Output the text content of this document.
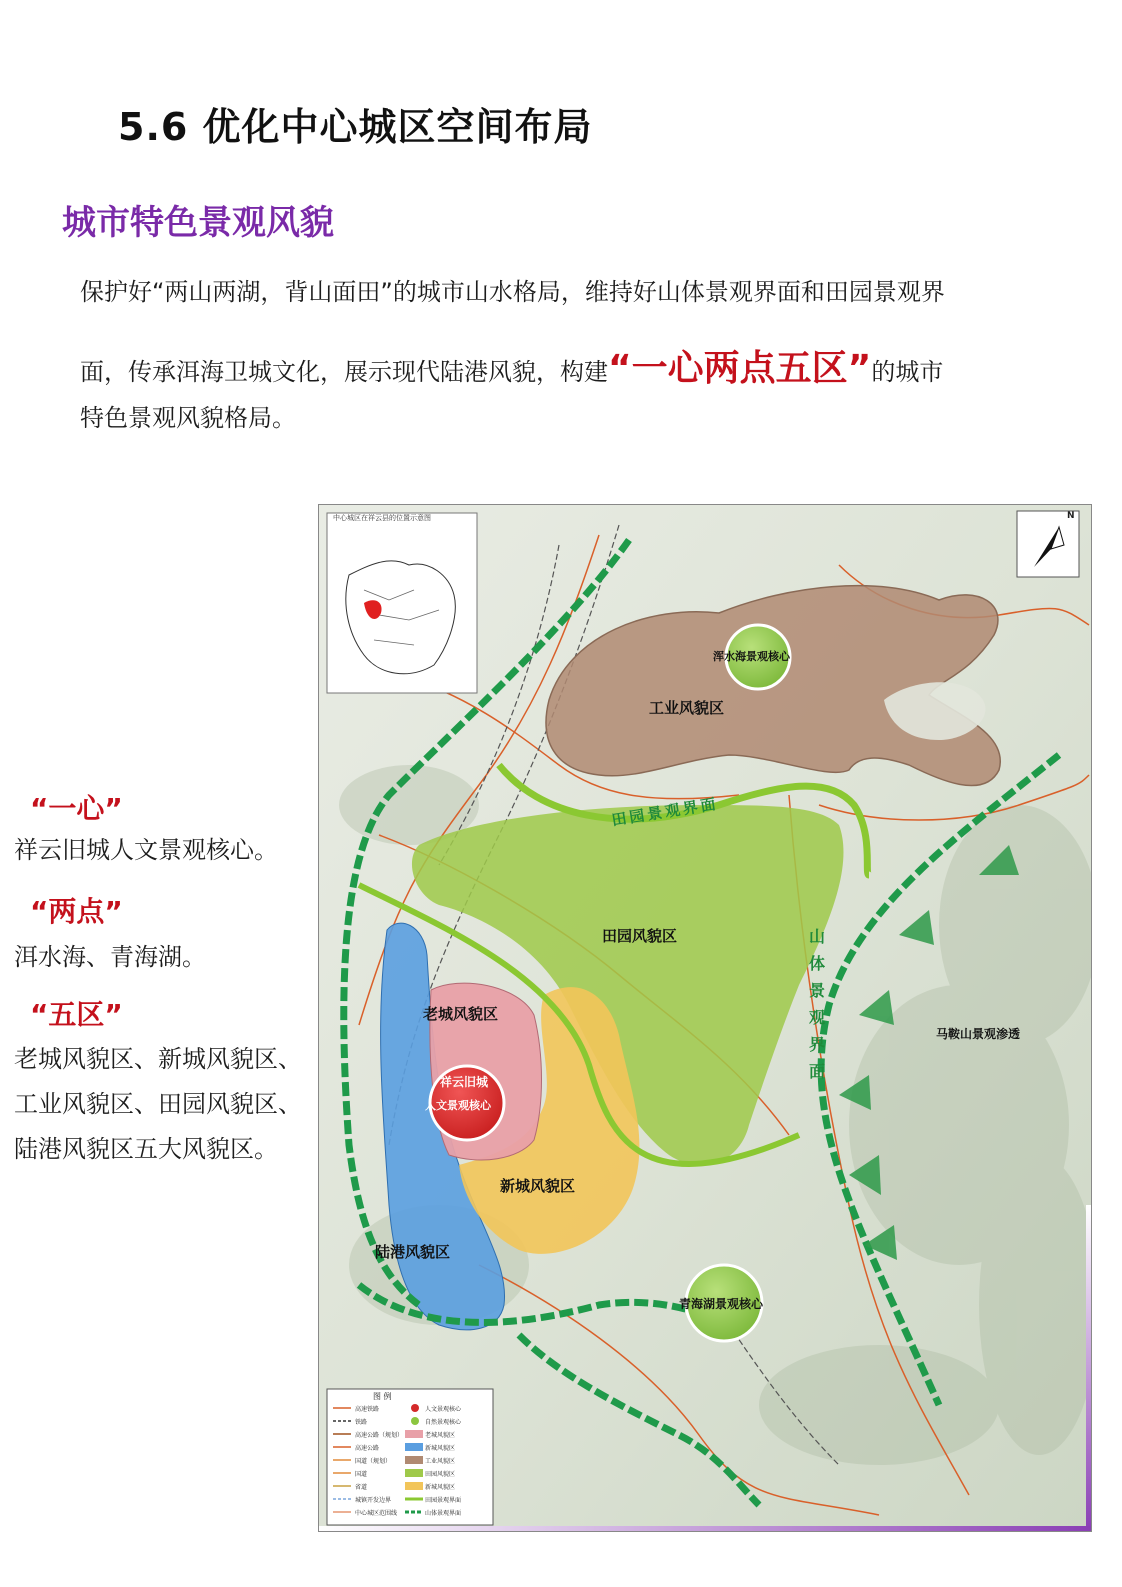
5.6 优化中心城区空间布局
城市特色景观风貌
保护好“两山两湖，背山面田”的城市山水格局，维持好山体景观界面和田园景观界
面，传承洱海卫城文化，展示现代陆港风貌，构建“一心两点五区”的城市
特色景观风貌格局。
“一心”
祥云旧城人文景观核心。
“两点”
洱水海、青海湖。
“五区”
老城风貌区、新城风貌区、
工业风貌区、田园风貌区、
陆港风貌区五大风貌区。
中心城区在祥云县的位置示意图	N
工业风貌区
田园风貌区
老城风貌区
新城风貌区
陆港风貌区
浑水海景观核心
青海湖景观核心
祥云旧城
人文景观核心
田园景观界面
山
体
景
观
界
面
马鞍山景观渗透
图 例
高速铁路
铁路
高速公路（规划）
高速公路
国道（规划）
国道
省道
城镇开发边界
中心城区范围线
人文景观核心
自然景观核心
老城风貌区
新城风貌区
工业风貌区
田园风貌区
新城风貌区
田园景观界面
山体景观界面
